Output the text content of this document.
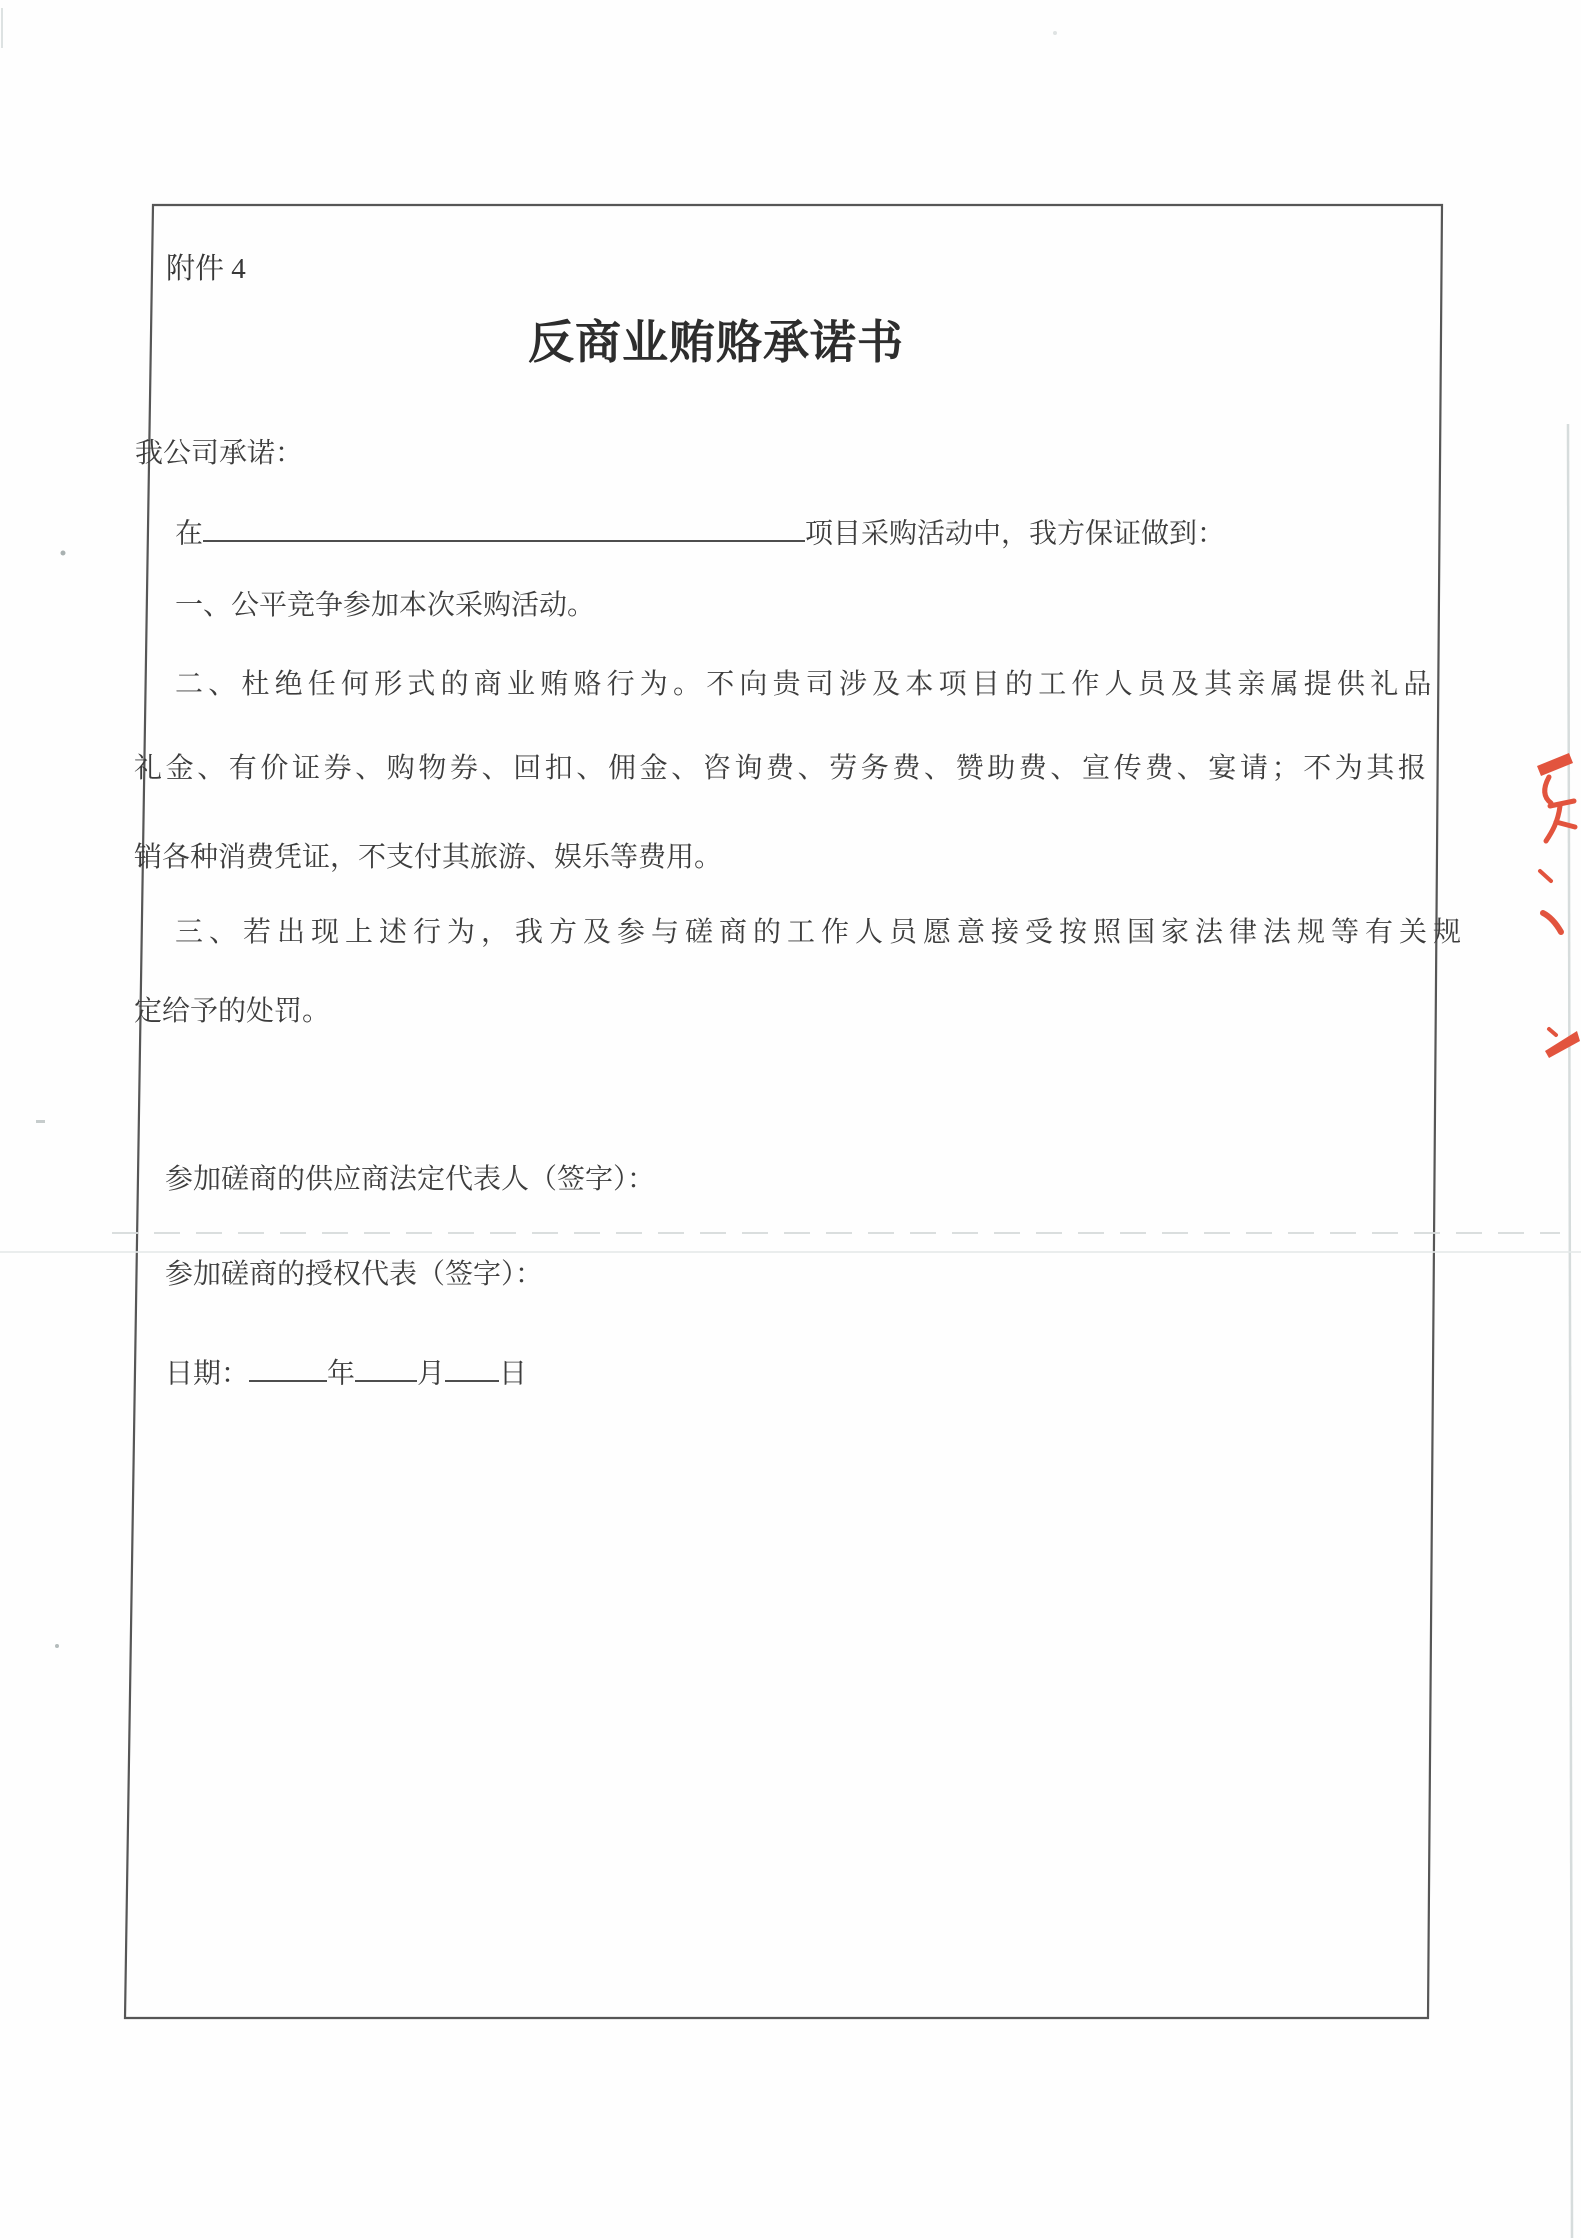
附件 4
反商业贿赂承诺书
我公司承诺：
在	项目采购活动中，我方保证做到：
一、公平竞争参加本次采购活动。
二、杜绝任何形式的商业贿赂行为。不向贵司涉及本项目的工作人员及其亲属提供礼品
礼金、有价证券、购物券、回扣、佣金、咨询费、劳务费、赞助费、宣传费、宴请；不为其报
销各种消费凭证，不支付其旅游、娱乐等费用。
三、若出现上述行为，我方及参与磋商的工作人员愿意接受按照国家法律法规等有关规
定给予的处罚。
参加磋商的供应商法定代表人（签字）：
参加磋商的授权代表（签字）：
日期：	年 月 日
